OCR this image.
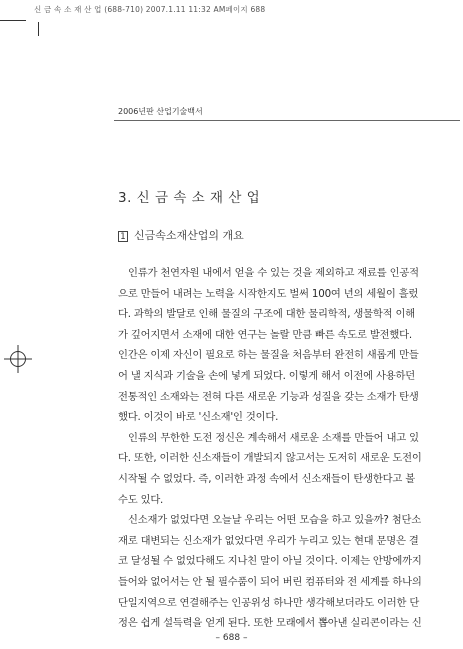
신 금 속 소 재 산 업 (688-710) 2007.1.11 11:32 AM페이지 688
2006년판 산업기술백서
3. 신 금 속 소 재 산 업
1 신금속소재산업의 개요
인류가 천연자원 내에서 얻을 수 있는 것을 제외하고 재료를 인공적
으로 만들어 내려는 노력을 시작한지도 벌써 100여 년의 세월이 흘렀
다. 과학의 발달로 인해 물질의 구조에 대한 물리학적, 생물학적 이해
가 깊어지면서 소재에 대한 연구는 놀랄 만큼 빠른 속도로 발전했다.
인간은 이제 자신이 필요로 하는 물질을 처음부터 완전히 새롭게 만들
어 낼 지식과 기술을 손에 넣게 되었다. 이렇게 해서 이전에 사용하던
전통적인 소재와는 전혀 다른 새로운 기능과 성질을 갖는 소재가 탄생
했다. 이것이 바로 '신소재'인 것이다.
인류의 무한한 도전 정신은 계속해서 새로운 소재를 만들어 내고 있
다. 또한, 이러한 신소재들이 개발되지 않고서는 도저히 새로운 도전이
시작될 수 없었다. 즉, 이러한 과정 속에서 신소재들이 탄생한다고 볼
수도 있다.
신소재가 없었다면 오늘날 우리는 어떤 모습을 하고 있을까? 첨단소
재로 대변되는 신소재가 없었다면 우리가 누리고 있는 현대 문명은 결
코 달성될 수 없었다해도 지나친 말이 아닐 것이다. 이제는 안방에까지
들어와 없어서는 안 될 필수품이 되어 버린 컴퓨터와 전 세계를 하나의
단일지역으로 연결해주는 인공위성 하나만 생각해보더라도 이러한 단
정은 쉽게 설득력을 얻게 된다. 또한 모래에서 뽑아낸 실리콘이라는 신
– 688 –
